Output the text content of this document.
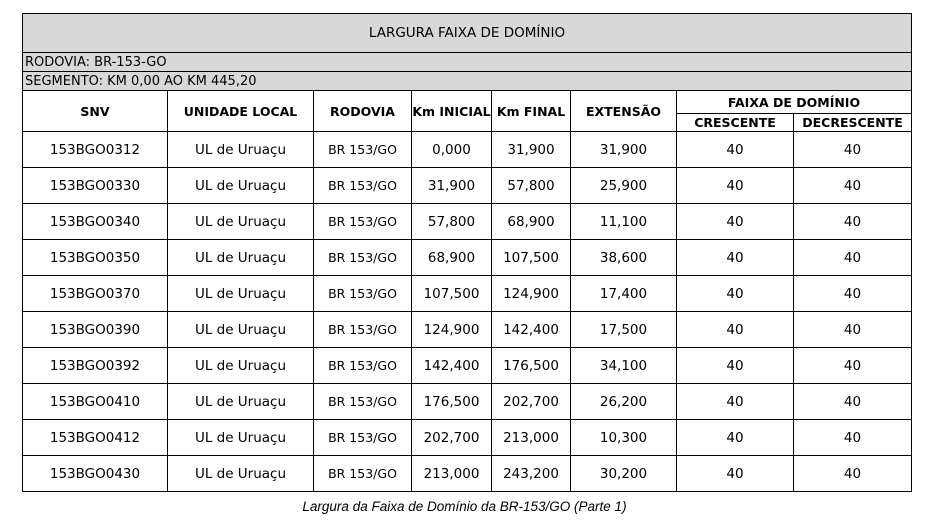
LARGURA FAIXA DE DOMÍNIO							
RODOVIA: BR-153-GO							
SEGMENTO: KM 0,00 AO KM 445,20							
SNV	UNIDADE LOCAL	RODOVIA	Km INICIAL	Km FINAL	EXTENSÃO	FAIXA DE DOMÍNIO	
						CRESCENTE	DECRESCENTE
153BGO0312	UL de Uruaçu	BR 153/GO	0,000	31,900	31,900	40	40
153BGO0330	UL de Uruaçu	BR 153/GO	31,900	57,800	25,900	40	40
153BGO0340	UL de Uruaçu	BR 153/GO	57,800	68,900	11,100	40	40
153BGO0350	UL de Uruaçu	BR 153/GO	68,900	107,500	38,600	40	40
153BGO0370	UL de Uruaçu	BR 153/GO	107,500	124,900	17,400	40	40
153BGO0390	UL de Uruaçu	BR 153/GO	124,900	142,400	17,500	40	40
153BGO0392	UL de Uruaçu	BR 153/GO	142,400	176,500	34,100	40	40
153BGO0410	UL de Uruaçu	BR 153/GO	176,500	202,700	26,200	40	40
153BGO0412	UL de Uruaçu	BR 153/GO	202,700	213,000	10,300	40	40
153BGO0430	UL de Uruaçu	BR 153/GO	213,000	243,200	30,200	40	40
Largura da Faixa de Domínio da BR-153/GO (Parte 1)
